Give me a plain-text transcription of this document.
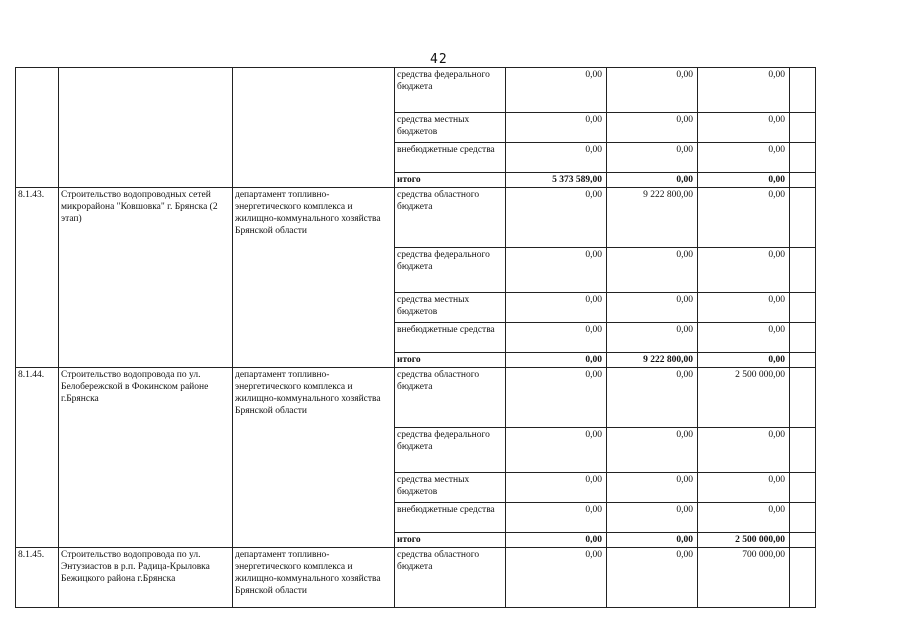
42
			средства федерального бюджета	0,00	0,00	0,00	
			средства местных бюджетов	0,00	0,00	0,00	
			внебюджетные средства	0,00	0,00	0,00	
			итого	5 373 589,00	0,00	0,00	
8.1.43.	Строительство водопроводных сетей микрорайона "Ковшовка" г. Брянска (2 этап)	департамент топливно-энергетического комплекса и жилищно-коммунального хозяйства Брянской области	средства областного бюджета	0,00	9 222 800,00	0,00	
			средства федерального бюджета	0,00	0,00	0,00	
			средства местных бюджетов	0,00	0,00	0,00	
			внебюджетные средства	0,00	0,00	0,00	
			итого	0,00	9 222 800,00	0,00	
8.1.44.	Строительство водопровода по ул. Белобережской в Фокинском районе г.Брянска	департамент топливно-энергетического комплекса и жилищно-коммунального хозяйства Брянской области	средства областного бюджета	0,00	0,00	2 500 000,00	
			средства федерального бюджета	0,00	0,00	0,00	
			средства местных бюджетов	0,00	0,00	0,00	
			внебюджетные средства	0,00	0,00	0,00	
			итого	0,00	0,00	2 500 000,00	
8.1.45.	Строительство водопровода по ул. Энтузиастов в р.п. Радица-Крыловка Бежицкого района г.Брянска	департамент топливно-энергетического комплекса и жилищно-коммунального хозяйства Брянской области	средства областного бюджета	0,00	0,00	700 000,00	
